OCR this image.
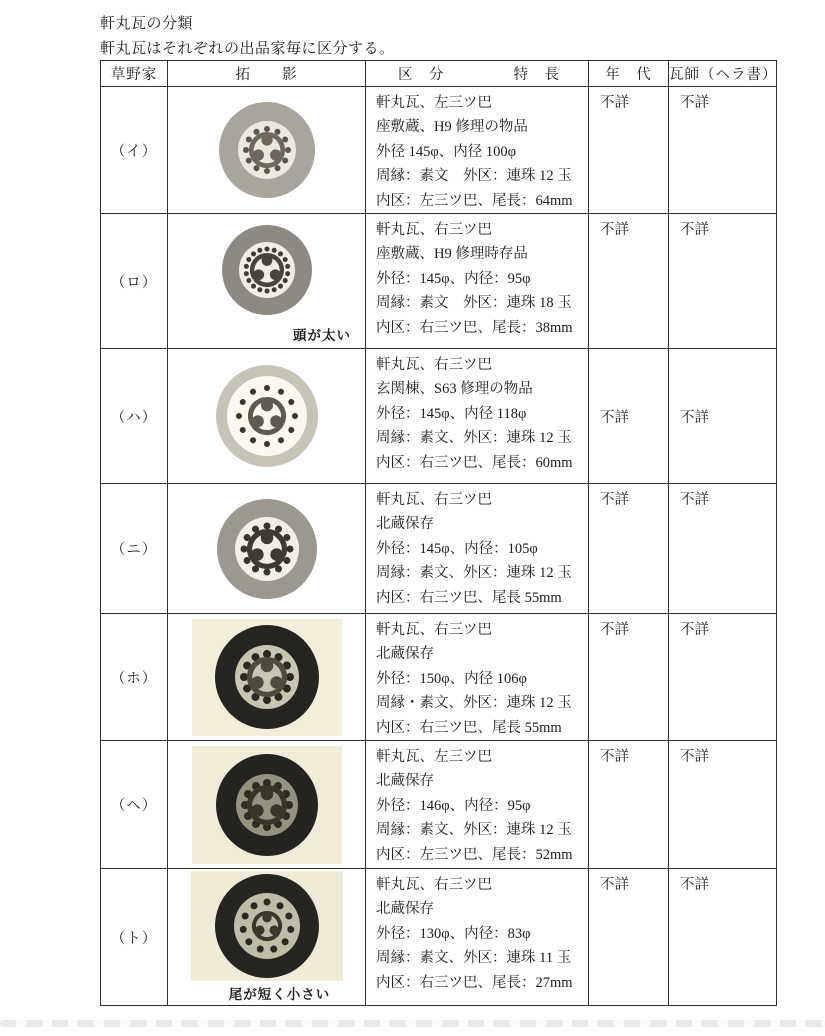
軒丸瓦の分類
軒丸瓦はそれぞれの出品家毎に区分する。
草野家	拓　　影	区　分 特　長	年　代	瓦師（ヘラ書）
（イ）		軒丸瓦、左三ツ巴
座敷蔵、H9 修理の物品
外径 145φ、内径 100φ
周縁：素文　外区：連珠 12 玉
内区：左三ツ巴、尾長：64mm	不詳	不詳
（ロ）	頭が太い	軒丸瓦、右三ツ巴
座敷蔵、H9 修理時存品
外径：145φ、内径：95φ
周縁：素文　外区：連珠 18 玉
内区：右三ツ巴、尾長：38mm	不詳	不詳
（ハ）		軒丸瓦、右三ツ巴
玄関棟、S63 修理の物品
外径：145φ、内径 118φ
周縁：素文、外区：連珠 12 玉
内区：右三ツ巴、尾長：60mm	不詳	不詳
（ニ）		軒丸瓦、右三ツ巴
北蔵保存
外径：145φ、内径：105φ
周縁：素文、外区：連珠 12 玉
内区：右三ツ巴、尾長 55mm	不詳	不詳
（ホ）		軒丸瓦、右三ツ巴
北蔵保存
外径：150φ、内径 106φ
周縁・素文、外区：連珠 12 玉
内区：右三ツ巴、尾長 55mm	不詳	不詳
（ヘ）		軒丸瓦、左三ツ巴
北蔵保存
外径：146φ、内径：95φ
周縁：素文、外区：連珠 12 玉
内区：左三ツ巴、尾長：52mm	不詳	不詳
（ト）	尾が短く小さい	軒丸瓦、右三ツ巴
北蔵保存
外径：130φ、内径：83φ
周縁：素文、外区：連珠 11 玉
内区：右三ツ巴、尾長：27mm	不詳	不詳
